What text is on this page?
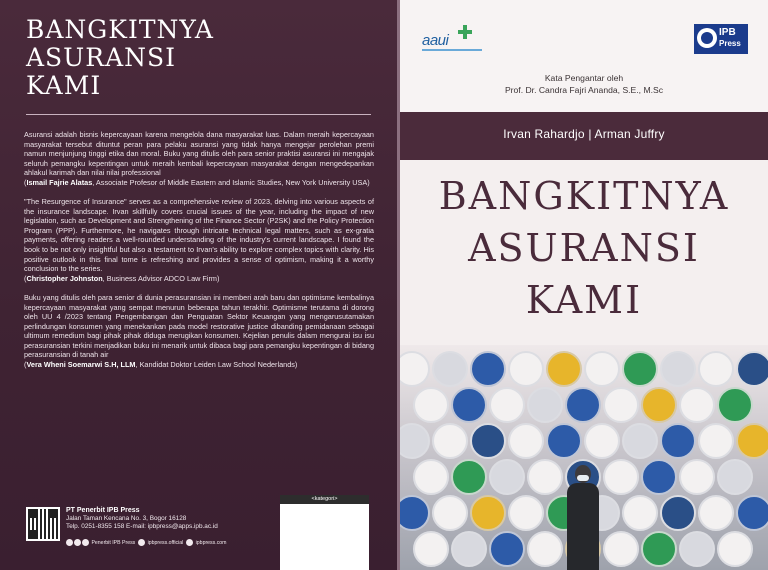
BANGKITNYA
ASURANSI
KAMI

Asuransi adalah bisnis kepercayaan karena mengelola dana masyarakat luas. Dalam meraih kepercayaan masyarakat tersebut dituntut peran para pelaku asuransi yang tidak hanya mengejar perolehan premi namun menjunjung tinggi etika dan moral. Buku yang ditulis oleh para senior praktisi asuransi ini mengajak seluruh pemangku kepentingan untuk meraih kembali kepercayaan masyarakat dengan mengedepankan ahlakul karimah dan nilai nilai professional
(Ismail Fajrie Alatas, Associate Profesor of Middle Eastern and Islamic Studies, New York University USA)

"The Resurgence of Insurance" serves as a comprehensive review of 2023, delving into various aspects of the insurance landscape. Irvan skillfully covers crucial issues of the year, including the impact of new legislation, such as Development and Strengthening of the Finance Sector (P2SK) and the Policy Protection Program (PPP). Furthermore, he navigates through intricate technical legal matters, such as ex-gratia payments, offering readers a well-rounded understanding of the industry's current landscape. I found the book to be not only insightful but also a testament to Irvan's ability to explore complex topics with clarity. His positive outlook in this final tome is refreshing and provides a sense of optimism, making it a worthy conclusion to the series.
(Christopher Johnston, Business Advisor ADCO Law Firm)

Buku yang ditulis oleh para senior di dunia perasuransian ini memberi arah baru dan optimisme kembalinya kepercayaan masyarakat yang sempat menurun beberapa tahun terakhir. Optimisme terutama di dorong oleh UU 4 /2023 tentang Pengembangan dan Penguatan Sektor Keuangan yang mengarusutamakan perlindungan konsumen yang menekankan pada model restorative justice dibanding pemidanaan sebagai ultimum remedium bagi pihak pihak diduga merugikan konsumen. Kejelian penulis dalam mengurai isu isu perasuransian terkini menjadikan buku ini menarik untuk dibaca bagi para pemangku kepentingan di bidang perasuransian di tanah air
(Vera Wheni Soemarwi S.H, LLM, Kandidat Doktor Leiden Law School Nederlands)

PT Penerbit IPB Press
Jalan Taman Kencana No. 3, Bogor 16128
Telp. 0251-8355 158 E-mail: ipbpress@apps.ipb.ac.id
Penerbit IPB Press ipbpress.official ipbpress.com
<kategori>
aaui	IPB
Press
Kata Pengantar oleh
Prof. Dr. Candra Fajri Ananda, S.E., M.Sc
Irvan Rahardjo | Arman Juffry
BANGKITNYA
ASURANSI
KAMI
